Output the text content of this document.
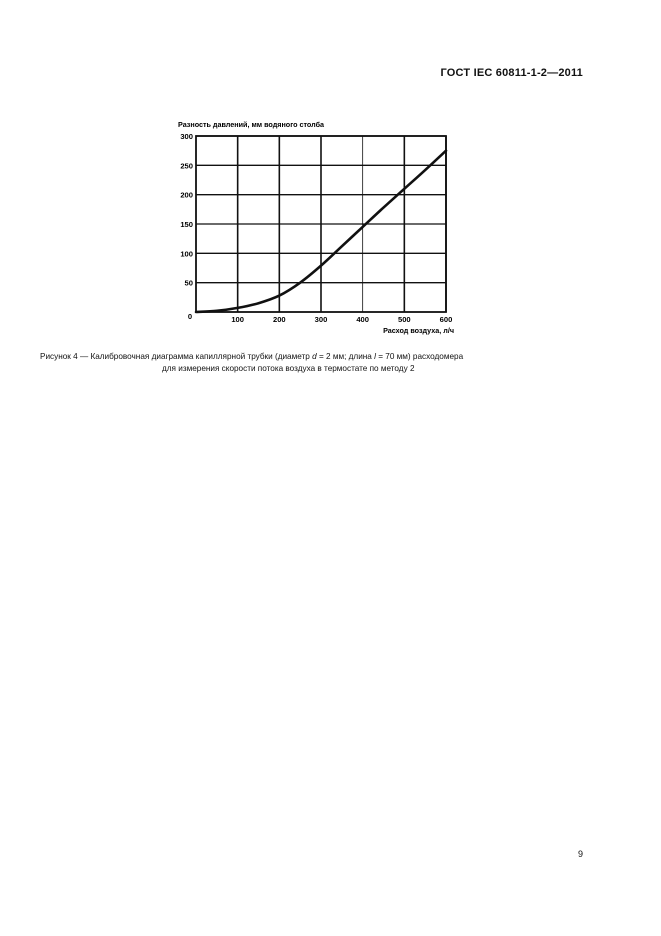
ГОСТ IEC 60811-1-2—2011
Разность давлений, мм водяного столба
0	100	200	300	400	500	600
300
250
200
150
100
50
Расход воздуха, л/ч
Рисунок 4 — Калибровочная диаграмма капиллярной трубки (диаметр d = 2 мм; длина l = 70 мм) расходомера
для измерения скорости потока воздуха в термостате по методу 2
9
